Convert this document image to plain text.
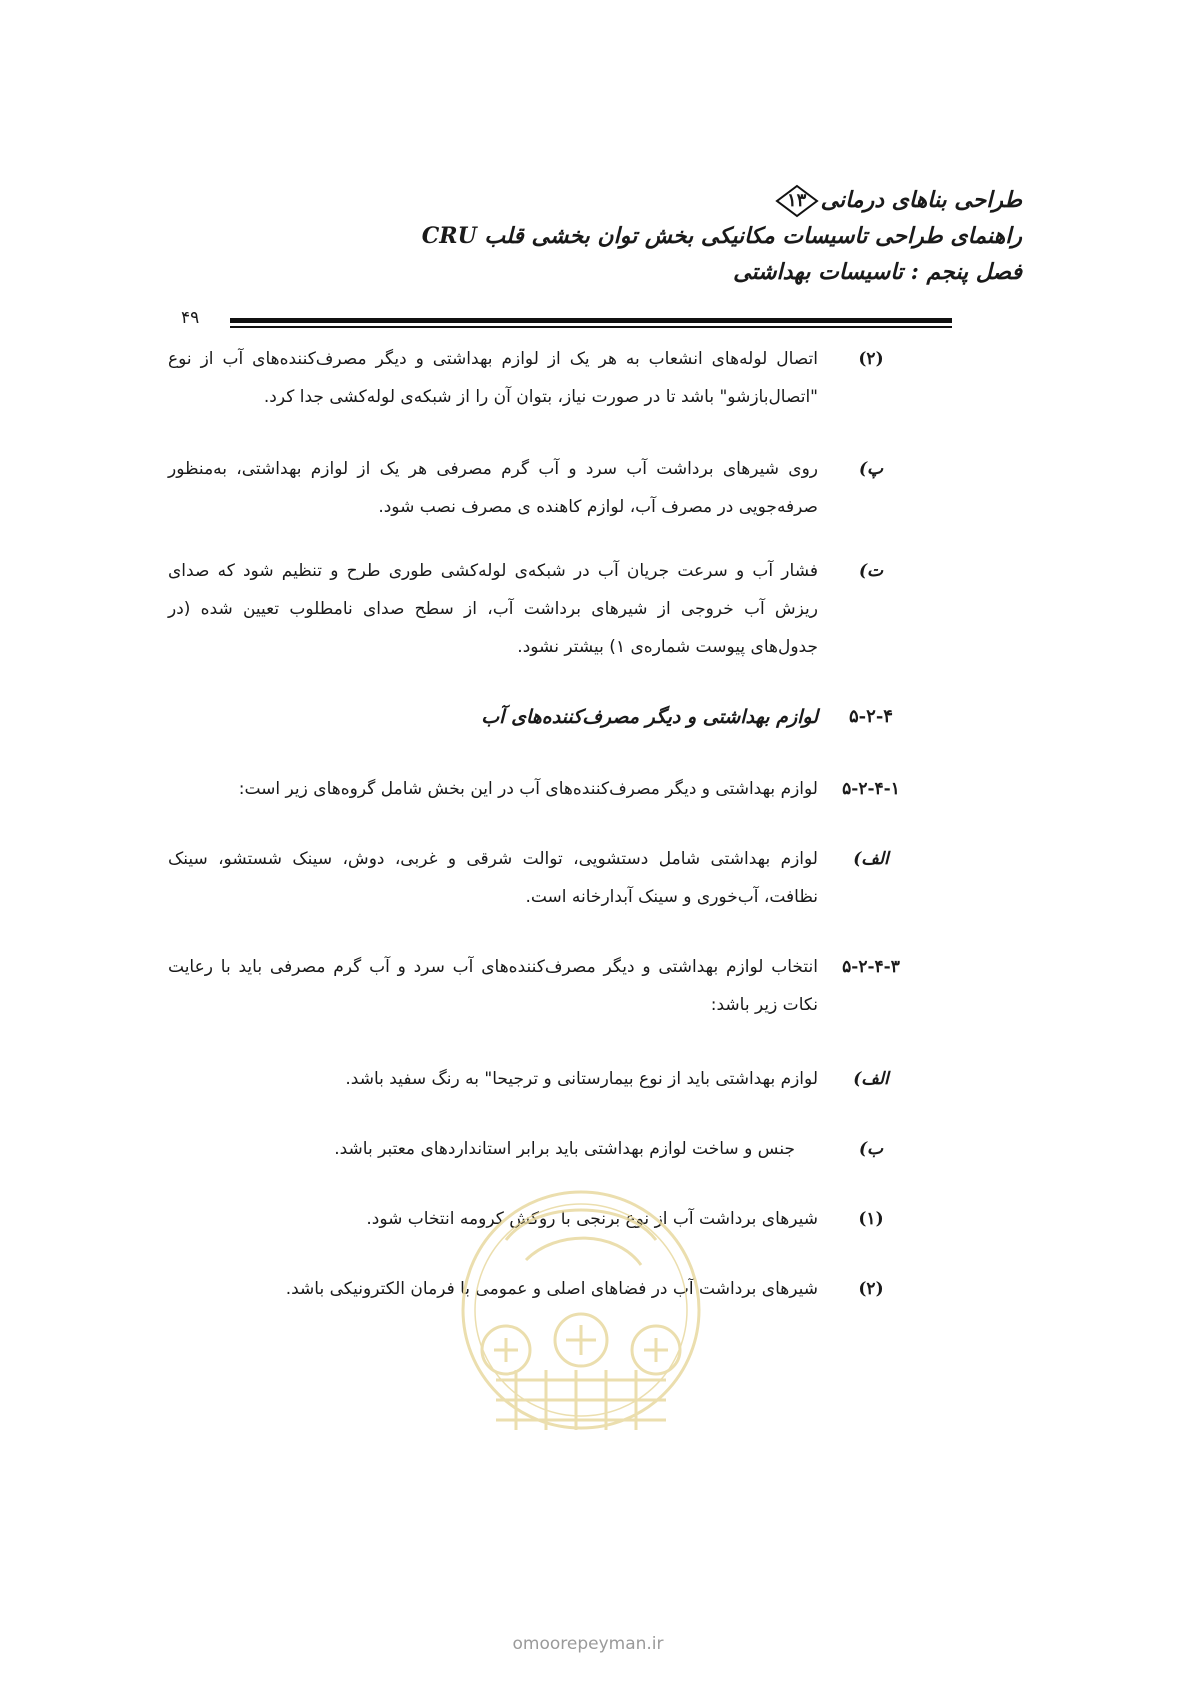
طراحی بناهای درمانی
۱۳
راهنمای طراحی تاسیسات مکانیکی بخش توان بخشی قلب CRU
فصل پنجم : تاسیسات بهداشتی
۴۹
(۲)
اتصال لوله‌های انشعاب به هر یک از لوازم بهداشتی و دیگر مصرف‌کننده‌های آب از نوع "اتصال‌بازشو" باشد تا در صورت نیاز، بتوان آن را از شبکه‌ی لوله‌کشی جدا کرد.
پ)
روی شیرهای برداشت آب سرد و آب گرم مصرفی هر یک از لوازم بهداشتی، به‌منظور صرفه‌جویی در مصرف آب، لوازم کاهنده ی مصرف نصب شود.
ت)
فشار آب و سرعت جریان آب در شبکه‌ی لوله‌کشی طوری طرح و تنظیم شود که صدای ریزش آب خروجی از شیرهای برداشت آب، از سطح صدای نامطلوب تعیین شده (در جدول‌های پیوست شماره‌ی ۱) بیشتر نشود.
۵-۲-۴
لوازم بهداشتی و دیگر مصرف‌کننده‌های آب
۵-۲-۴-۱
لوازم بهداشتی و دیگر مصرف‌کننده‌های آب در این بخش شامل گروه‌های زیر است:
الف)
لوازم بهداشتی شامل دستشویی، توالت شرقی و غربی، دوش، سینک شستشو، سینک نظافت، آب‌خوری و سینک آبدارخانه است.
۵-۲-۴-۳
انتخاب لوازم بهداشتی و دیگر مصرف‌کننده‌های آب سرد و آب گرم مصرفی باید با رعایت نکات زیر باشد:
الف)
لوازم بهداشتی باید از نوع بیمارستانی و ترجیحا" به رنگ سفید باشد.
ب)
جنس و ساخت لوازم بهداشتی باید برابر استانداردهای معتبر باشد.
(۱)
شیرهای برداشت آب از نوع برنجی با روکش کرومه انتخاب شود.
(۲)
شیرهای برداشت آب در فضاهای اصلی و عمومی با فرمان الکترونیکی باشد.
omoorepeyman.ir
